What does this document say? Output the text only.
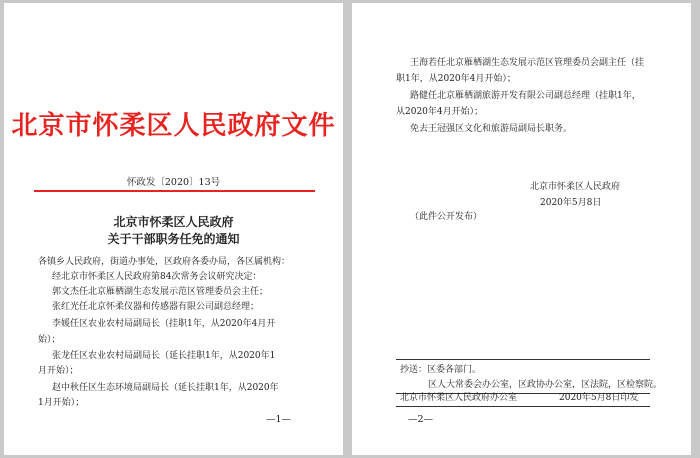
北京市怀柔区人民政府文件
怀政发〔2020〕13号
北京市怀柔区人民政府
关于干部职务任免的通知
各镇乡人民政府，街道办事处，区政府各委办局，各区属机构：
经北京市怀柔区人民政府第84次常务会议研究决定：
郭文杰任北京雁栖湖生态发展示范区管理委员会主任；
张红光任北京怀柔仪器和传感器有限公司副总经理；
李媛任区农业农村局副局长（挂职1年，从2020年4月开
始）；
张龙任区农业农村局副局长（延长挂职1年，从2020年1
月开始）；
赵中秋任区生态环境局副局长（延长挂职1年，从2020年
1月开始）；
—1—
王海若任北京雁栖湖生态发展示范区管理委员会副主任（挂
职1年，从2020年4月开始）；
路健任北京雁栖湖旅游开发有限公司副总经理（挂职1年，
从2020年4月开始）；
免去王冠强区文化和旅游局副局长职务。
北京市怀柔区人民政府
2020年5月8日
（此件公开发布）
抄送：区委各部门。
区人大常委会办公室，区政协办公室，区法院，区检察院。
北京市怀柔区人民政府办公室	2020年5月8日印发
—2—
